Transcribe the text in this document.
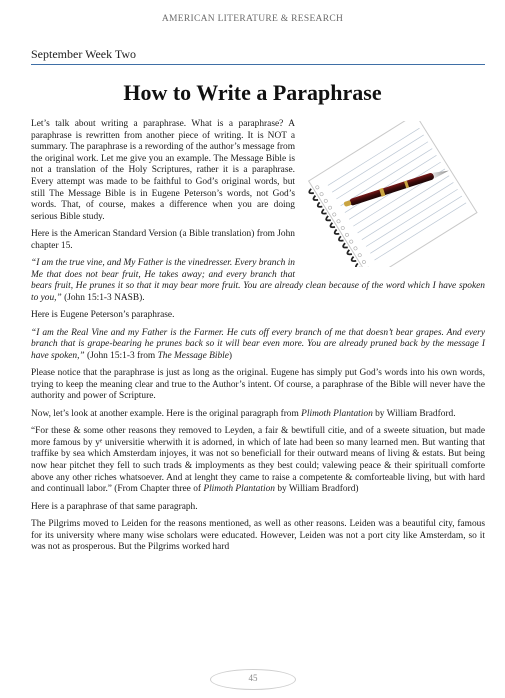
AMERICAN LITERATURE & RESEARCH
September Week Two
How to Write a Paraphrase

Let’s talk about writing a paraphrase. What is a paraphrase? A paraphrase is rewritten from another piece of writing. It is NOT a summary. The paraphrase is a rewording of the author’s message from the original work. Let me give you an example. The Message Bible is not a translation of the Holy Scriptures, rather it is a paraphrase. Every attempt was made to be faithful to God’s original words, but still The Message Bible is in Eugene Peterson’s words, not God’s words. That, of course, makes a difference when you are doing serious Bible study.

Here is the American Standard Version (a Bible translation) from John chapter 15.

“I am the true vine, and My Father is the vinedresser. Every branch in Me that does not bear fruit, He takes away; and every branch that bears fruit, He prunes it so that it may bear more fruit. You are already clean because of the word which I have spoken to you,” (John 15:1-3 NASB).

Here is Eugene Peterson’s paraphrase.

“I am the Real Vine and my Father is the Farmer. He cuts off every branch of me that doesn’t bear grapes. And every branch that is grape-bearing he prunes back so it will bear even more. You are already pruned back by the message I have spoken,” (John 15:1-3 from The Message Bible)

Please notice that the paraphrase is just as long as the original. Eugene has simply put God’s words into his own words, trying to keep the meaning clear and true to the Author’s intent. Of course, a paraphrase of the Bible will never have the authority and power of Scripture.

Now, let’s look at another example. Here is the original paragraph from Plimoth Plantation by William Bradford.

“For these & some other reasons they removed to Leyden, a fair & bewtifull citie, and of a sweete situation, but made more famous by yᵉ universitie wherwith it is adorned, in which of late had been so many learned men. But wanting that traffike by sea which Amsterdam injoyes, it was not so beneficiall for their outward means of living & estats. But being now hear pitchet they fell to such trads & imployments as they best could; valewing peace & their spirituall comforte above any other riches whatsoever. And at lenght they came to raise a competente & comforteable living, but with hard and continuall labor.” (From Chapter three of Plimoth Plantation by William Bradford)

Here is a paraphrase of that same paragraph.

The Pilgrims moved to Leiden for the reasons mentioned, as well as other reasons. Leiden was a beautiful city, famous for its university where many wise scholars were educated. However, Leiden was not a port city like Amsterdam, so it was not as prosperous. But the Pilgrims worked hard

45
